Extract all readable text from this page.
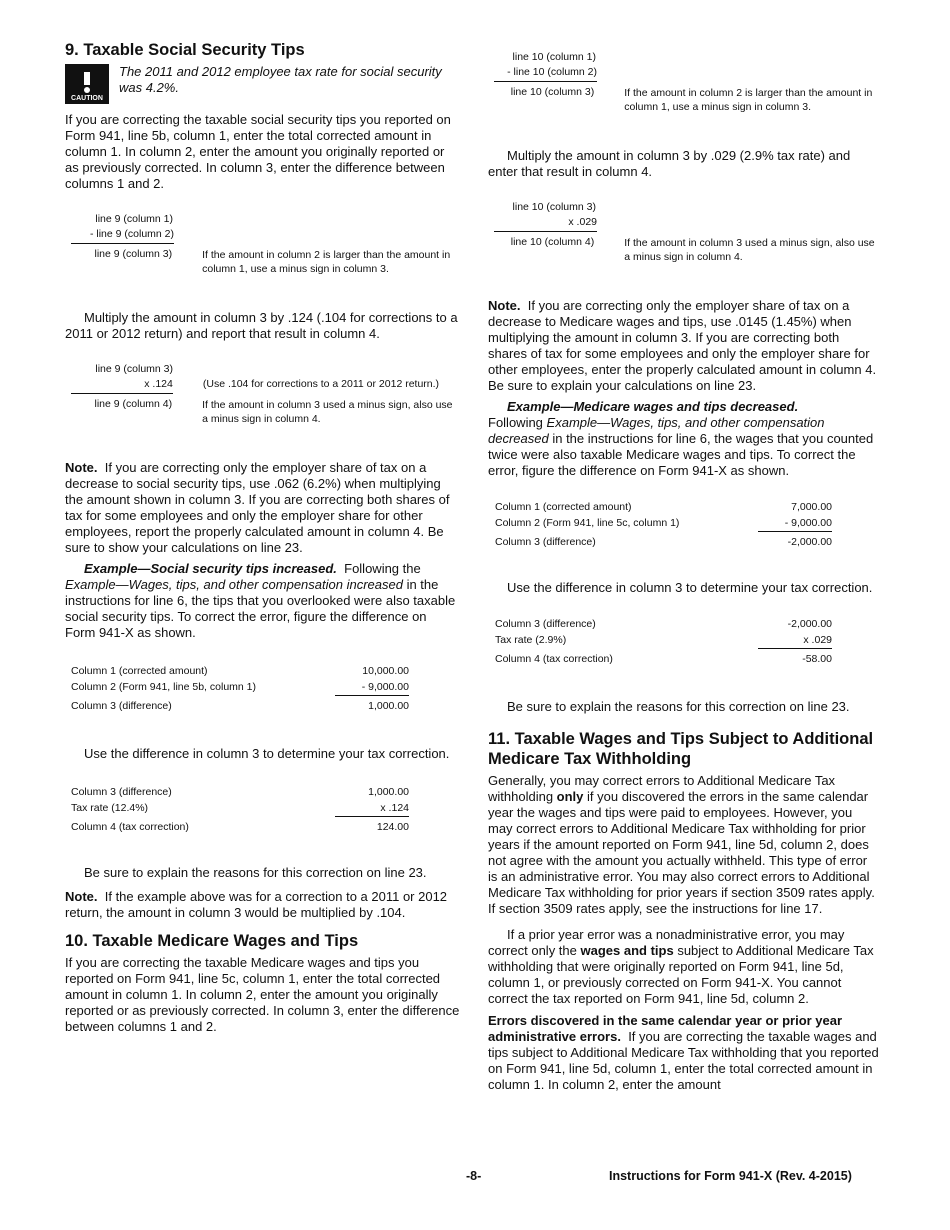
9. Taxable Social Security Tips
CAUTION
The 2011 and 2012 employee tax rate for social security was 4.2%.

If you are correcting the taxable social security tips you reported on Form 941, line 5b, column 1, enter the total corrected amount in column 1. In column 2, enter the amount you originally reported or as previously corrected. In column 3, enter the difference between columns 1 and 2.

line 9 (column 1)
- line 9 (column 2)
line 9 (column 3)	If the amount in column 2 is larger than the amount in column 1, use a minus sign in column 3.

Multiply the amount in column 3 by .124 (.104 for corrections to a 2011 or 2012 return) and report that result in column 4.

line 9 (column 3)
x .124	(Use .104 for corrections to a 2011 or 2012 return.)
line 9 (column 4)	If the amount in column 3 used a minus sign, also use a minus sign in column 4.

Note. If you are correcting only the employer share of tax on a decrease to social security tips, use .062 (6.2%) when multiplying the amount shown in column 3. If you are correcting both shares of tax for some employees and only the employer share for other employees, report the properly calculated amount in column 4. Be sure to show your calculations on line 23.

Example—Social security tips increased. Following the Example—Wages, tips, and other compensation increased in the instructions for line 6, the tips that you overlooked were also taxable social security tips. To correct the error, figure the difference on Form 941-X as shown.

Column 1 (corrected amount)	10,000.00
Column 2 (Form 941, line 5b, column 1)	- 9,000.00
Column 3 (difference)	1,000.00

Use the difference in column 3 to determine your tax correction.

Column 3 (difference)	1,000.00
Tax rate (12.4%)	x .124
Column 4 (tax correction)	124.00

Be sure to explain the reasons for this correction on line 23.

Note. If the example above was for a correction to a 2011 or 2012 return, the amount in column 3 would be multiplied by .104.

10. Taxable Medicare Wages and Tips

If you are correcting the taxable Medicare wages and tips you reported on Form 941, line 5c, column 1, enter the total corrected amount in column 1. In column 2, enter the amount you originally reported or as previously corrected. In column 3, enter the difference between columns 1 and 2.

line 10 (column 1)
- line 10 (column 2)
line 10 (column 3)	If the amount in column 2 is larger than the amount in column 1, use a minus sign in column 3.

Multiply the amount in column 3 by .029 (2.9% tax rate) and enter that result in column 4.

line 10 (column 3)
x .029
line 10 (column 4)	If the amount in column 3 used a minus sign, also use a minus sign in column 4.

Note. If you are correcting only the employer share of tax on a decrease to Medicare wages and tips, use .0145 (1.45%) when multiplying the amount in column 3. If you are correcting both shares of tax for some employees and only the employer share for other employees, enter the properly calculated amount in column 4. Be sure to explain your calculations on line 23.

Example—Medicare wages and tips decreased.
Following Example—Wages, tips, and other compensation decreased in the instructions for line 6, the wages that you counted twice were also taxable Medicare wages and tips. To correct the error, figure the difference on Form 941-X as shown.

Column 1 (corrected amount)	7,000.00
Column 2 (Form 941, line 5c, column 1)	- 9,000.00
Column 3 (difference)	-2,000.00

Use the difference in column 3 to determine your tax correction.

Column 3 (difference)	-2,000.00
Tax rate (2.9%)	x .029
Column 4 (tax correction)	-58.00

Be sure to explain the reasons for this correction on line 23.

11. Taxable Wages and Tips Subject to Additional Medicare Tax Withholding

Generally, you may correct errors to Additional Medicare Tax withholding only if you discovered the errors in the same calendar year the wages and tips were paid to employees. However, you may correct errors to Additional Medicare Tax withholding for prior years if the amount reported on Form 941, line 5d, column 2, does not agree with the amount you actually withheld. This type of error is an administrative error. You may also correct errors to Additional Medicare Tax withholding for prior years if section 3509 rates apply. If section 3509 rates apply, see the instructions for line 17.

If a prior year error was a nonadministrative error, you may correct only the wages and tips subject to Additional Medicare Tax withholding that were originally reported on Form 941, line 5d, column 1, or previously corrected on Form 941-X. You cannot correct the tax reported on Form 941, line 5d, column 2.

Errors discovered in the same calendar year or prior year administrative errors. If you are correcting the taxable wages and tips subject to Additional Medicare Tax withholding that you reported on Form 941, line 5d, column 1, enter the total corrected amount in column 1. In column 2, enter the amount

-8-	Instructions for Form 941-X (Rev. 4-2015)
